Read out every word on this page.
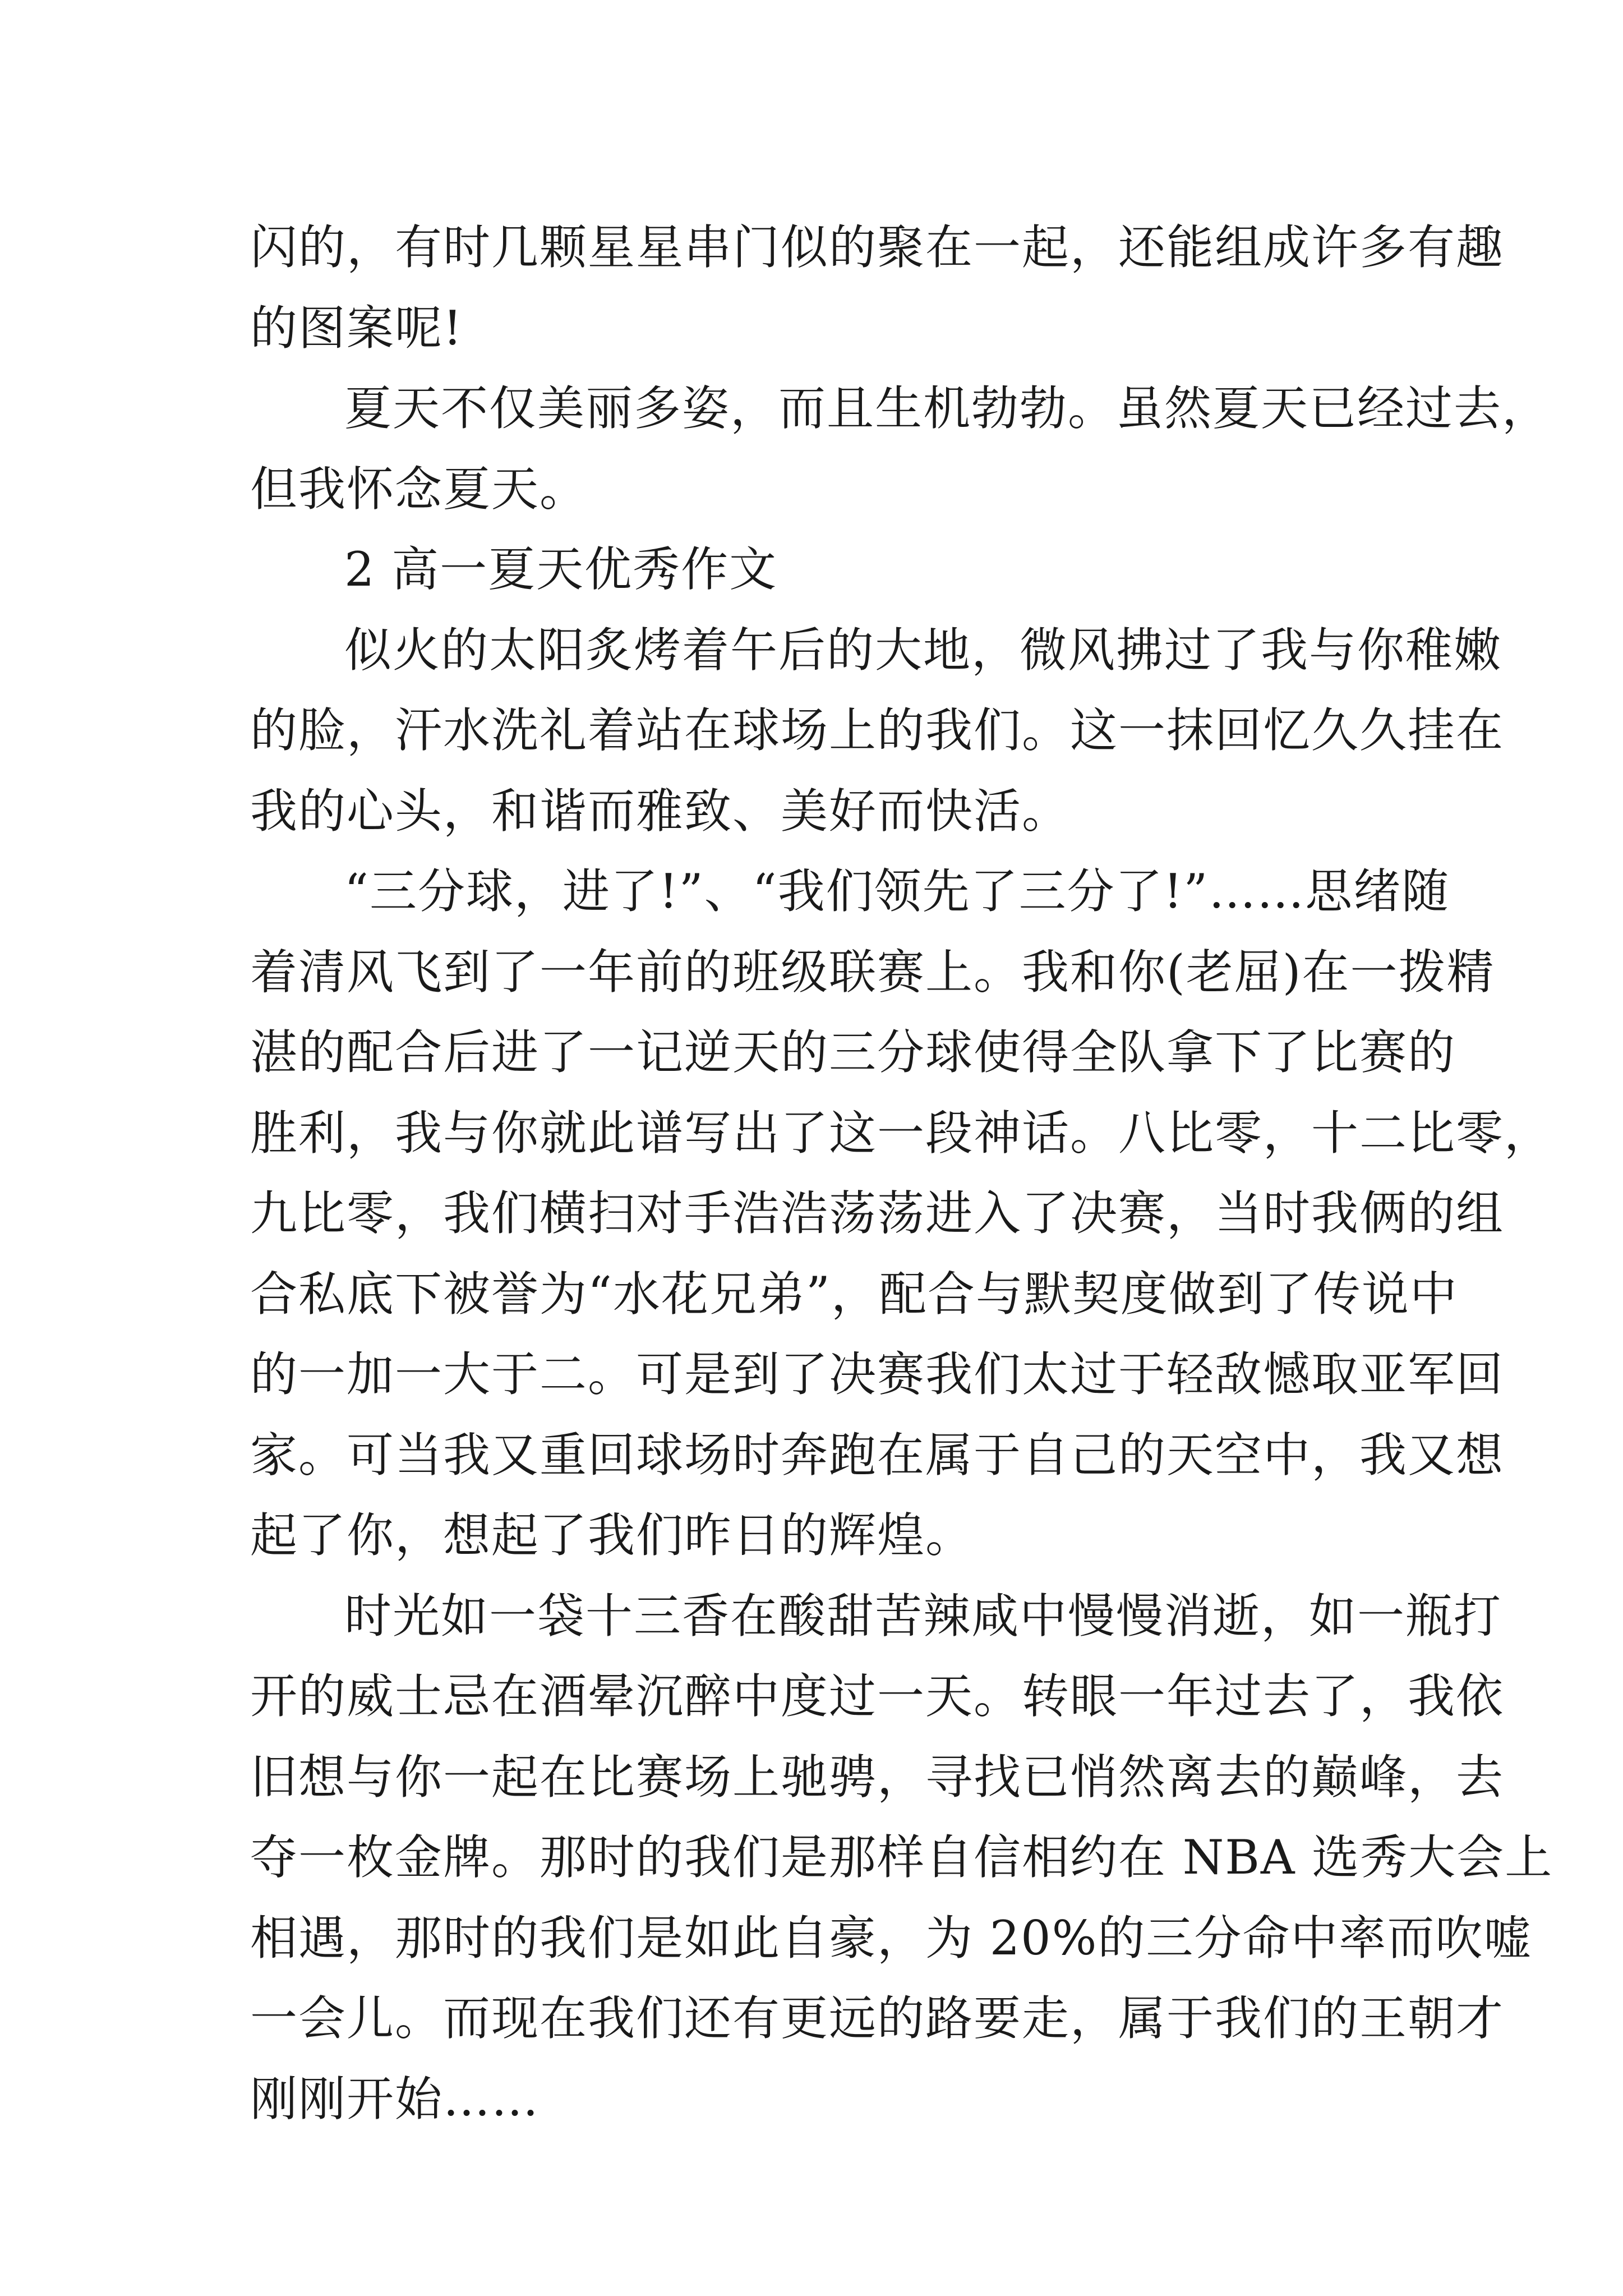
闪的，有时几颗星星串门似的聚在一起，还能组成许多有趣
的图案呢!

夏天不仅美丽多姿，而且生机勃勃。虽然夏天已经过去，
但我怀念夏天。

2 高一夏天优秀作文

似火的太阳炙烤着午后的大地，微风拂过了我与你稚嫩
的脸，汗水洗礼着站在球场上的我们。这一抹回忆久久挂在
我的心头，和谐而雅致、美好而快活。

“三分球，进了!”、“我们领先了三分了!”……思绪随
着清风飞到了一年前的班级联赛上。我和你(老屈)在一拨精
湛的配合后进了一记逆天的三分球使得全队拿下了比赛的
胜利，我与你就此谱写出了这一段神话。八比零，十二比零，
九比零，我们横扫对手浩浩荡荡进入了决赛，当时我俩的组
合私底下被誉为“水花兄弟”，配合与默契度做到了传说中
的一加一大于二。可是到了决赛我们太过于轻敌憾取亚军回
家。可当我又重回球场时奔跑在属于自己的天空中，我又想
起了你，想起了我们昨日的辉煌。

时光如一袋十三香在酸甜苦辣咸中慢慢消逝，如一瓶打
开的威士忌在酒晕沉醉中度过一天。转眼一年过去了，我依
旧想与你一起在比赛场上驰骋，寻找已悄然离去的巅峰，去
夺一枚金牌。那时的我们是那样自信相约在 NBA 选秀大会上
相遇，那时的我们是如此自豪，为 20%的三分命中率而吹嘘
一会儿。而现在我们还有更远的路要走，属于我们的王朝才
刚刚开始……
